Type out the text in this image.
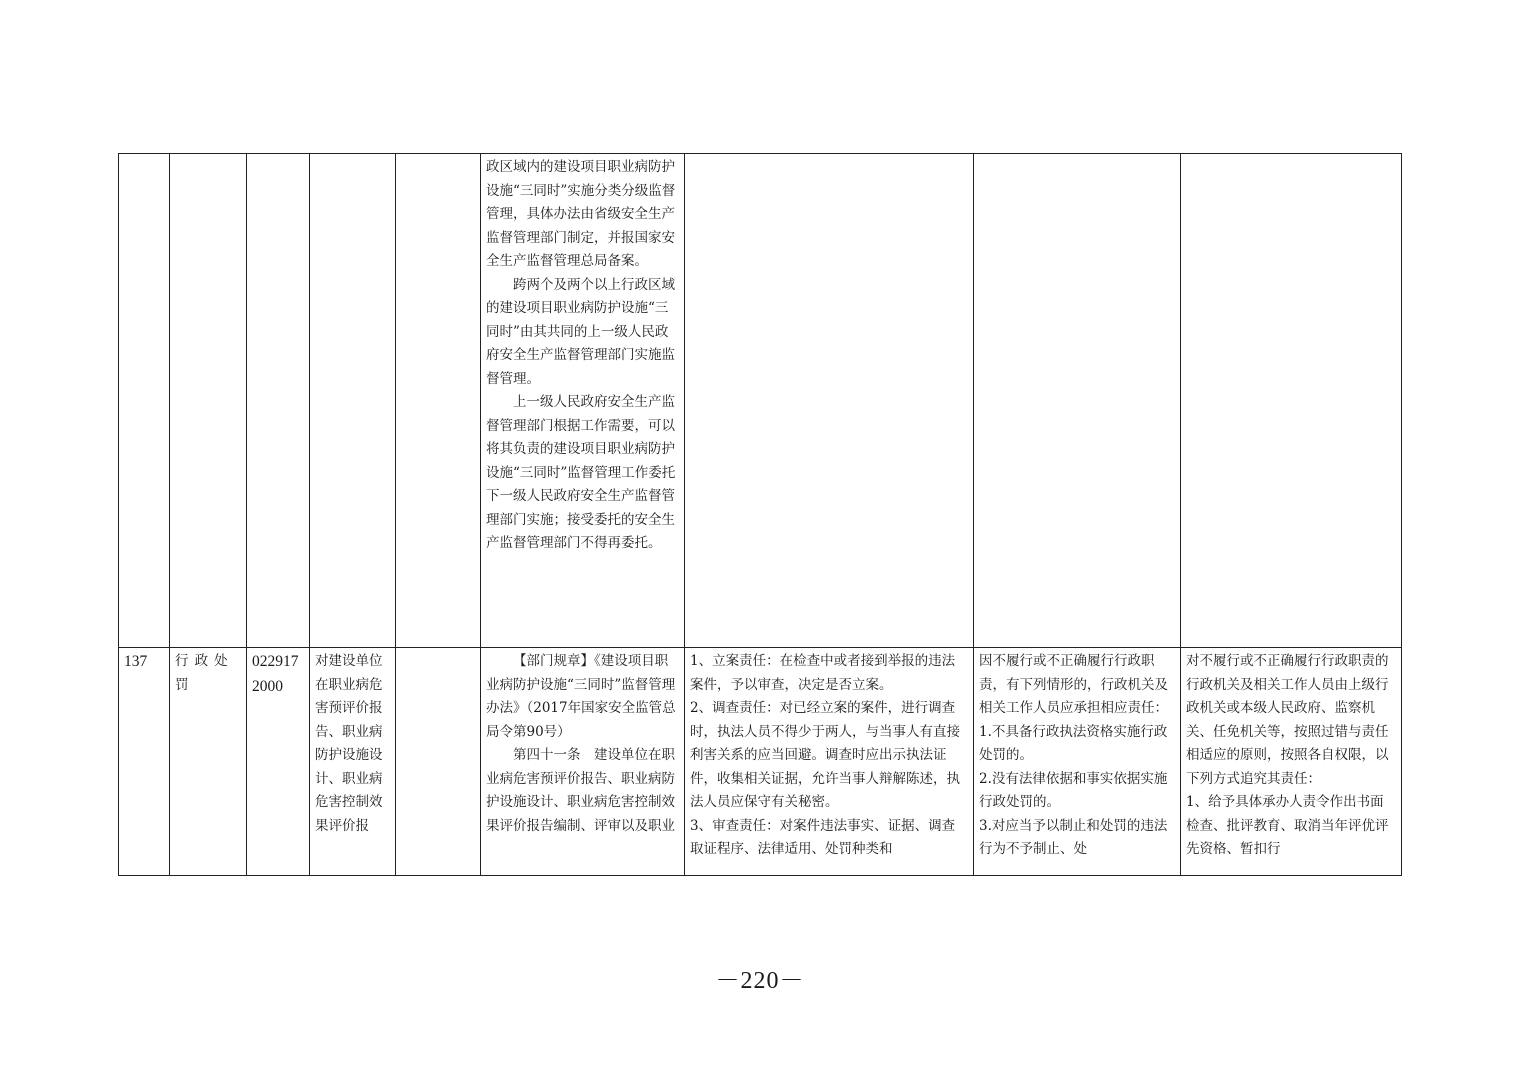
					政区域内的建设项目职业病防护设施“三同时”实施分类分级监督管理，具体办法由省级安全生产监督管理部门制定，并报国家安全生产监督管理总局备案。
跨两个及两个以上行政区域的建设项目职业病防护设施“三同时”由其共同的上一级人民政府安全生产监督管理部门实施监督管理。
上一级人民政府安全生产监督管理部门根据工作需要，可以将其负责的建设项目职业病防护设施“三同时”监督管理工作委托下一级人民政府安全生产监督管理部门实施；接受委托的安全生产监督管理部门不得再委托。			

137	行政处罚	0229172000	对建设单位在职业病危害预评价报告、职业病防护设施设计、职业病危害控制效果评价报		【部门规章】《建设项目职业病防护设施“三同时”监督管理办法》（2017年国家安全监管总局令第90号）
第四十一条　建设单位在职业病危害预评价报告、职业病防护设施设计、职业病危害控制效果评价报告编制、评审以及职业	1、立案责任：在检查中或者接到举报的违法案件，予以审查，决定是否立案。
2、调查责任：对已经立案的案件，进行调查时，执法人员不得少于两人，与当事人有直接利害关系的应当回避。调查时应出示执法证件，收集相关证据，允许当事人辩解陈述，执法人员应保守有关秘密。
3、审查责任：对案件违法事实、证据、调查取证程序、法律适用、处罚种类和	因不履行或不正确履行行政职责，有下列情形的，行政机关及相关工作人员应承担相应责任：
1.不具备行政执法资格实施行政处罚的。
2.没有法律依据和事实依据实施行政处罚的。
3.对应当予以制止和处罚的违法行为不予制止、处	对不履行或不正确履行行政职责的行政机关及相关工作人员由上级行政机关或本级人民政府、监察机关、任免机关等，按照过错与责任相适应的原则，按照各自权限，以下列方式追究其责任：
1、给予具体承办人责令作出书面检查、批评教育、取消当年评优评先资格、暂扣行
－220－
